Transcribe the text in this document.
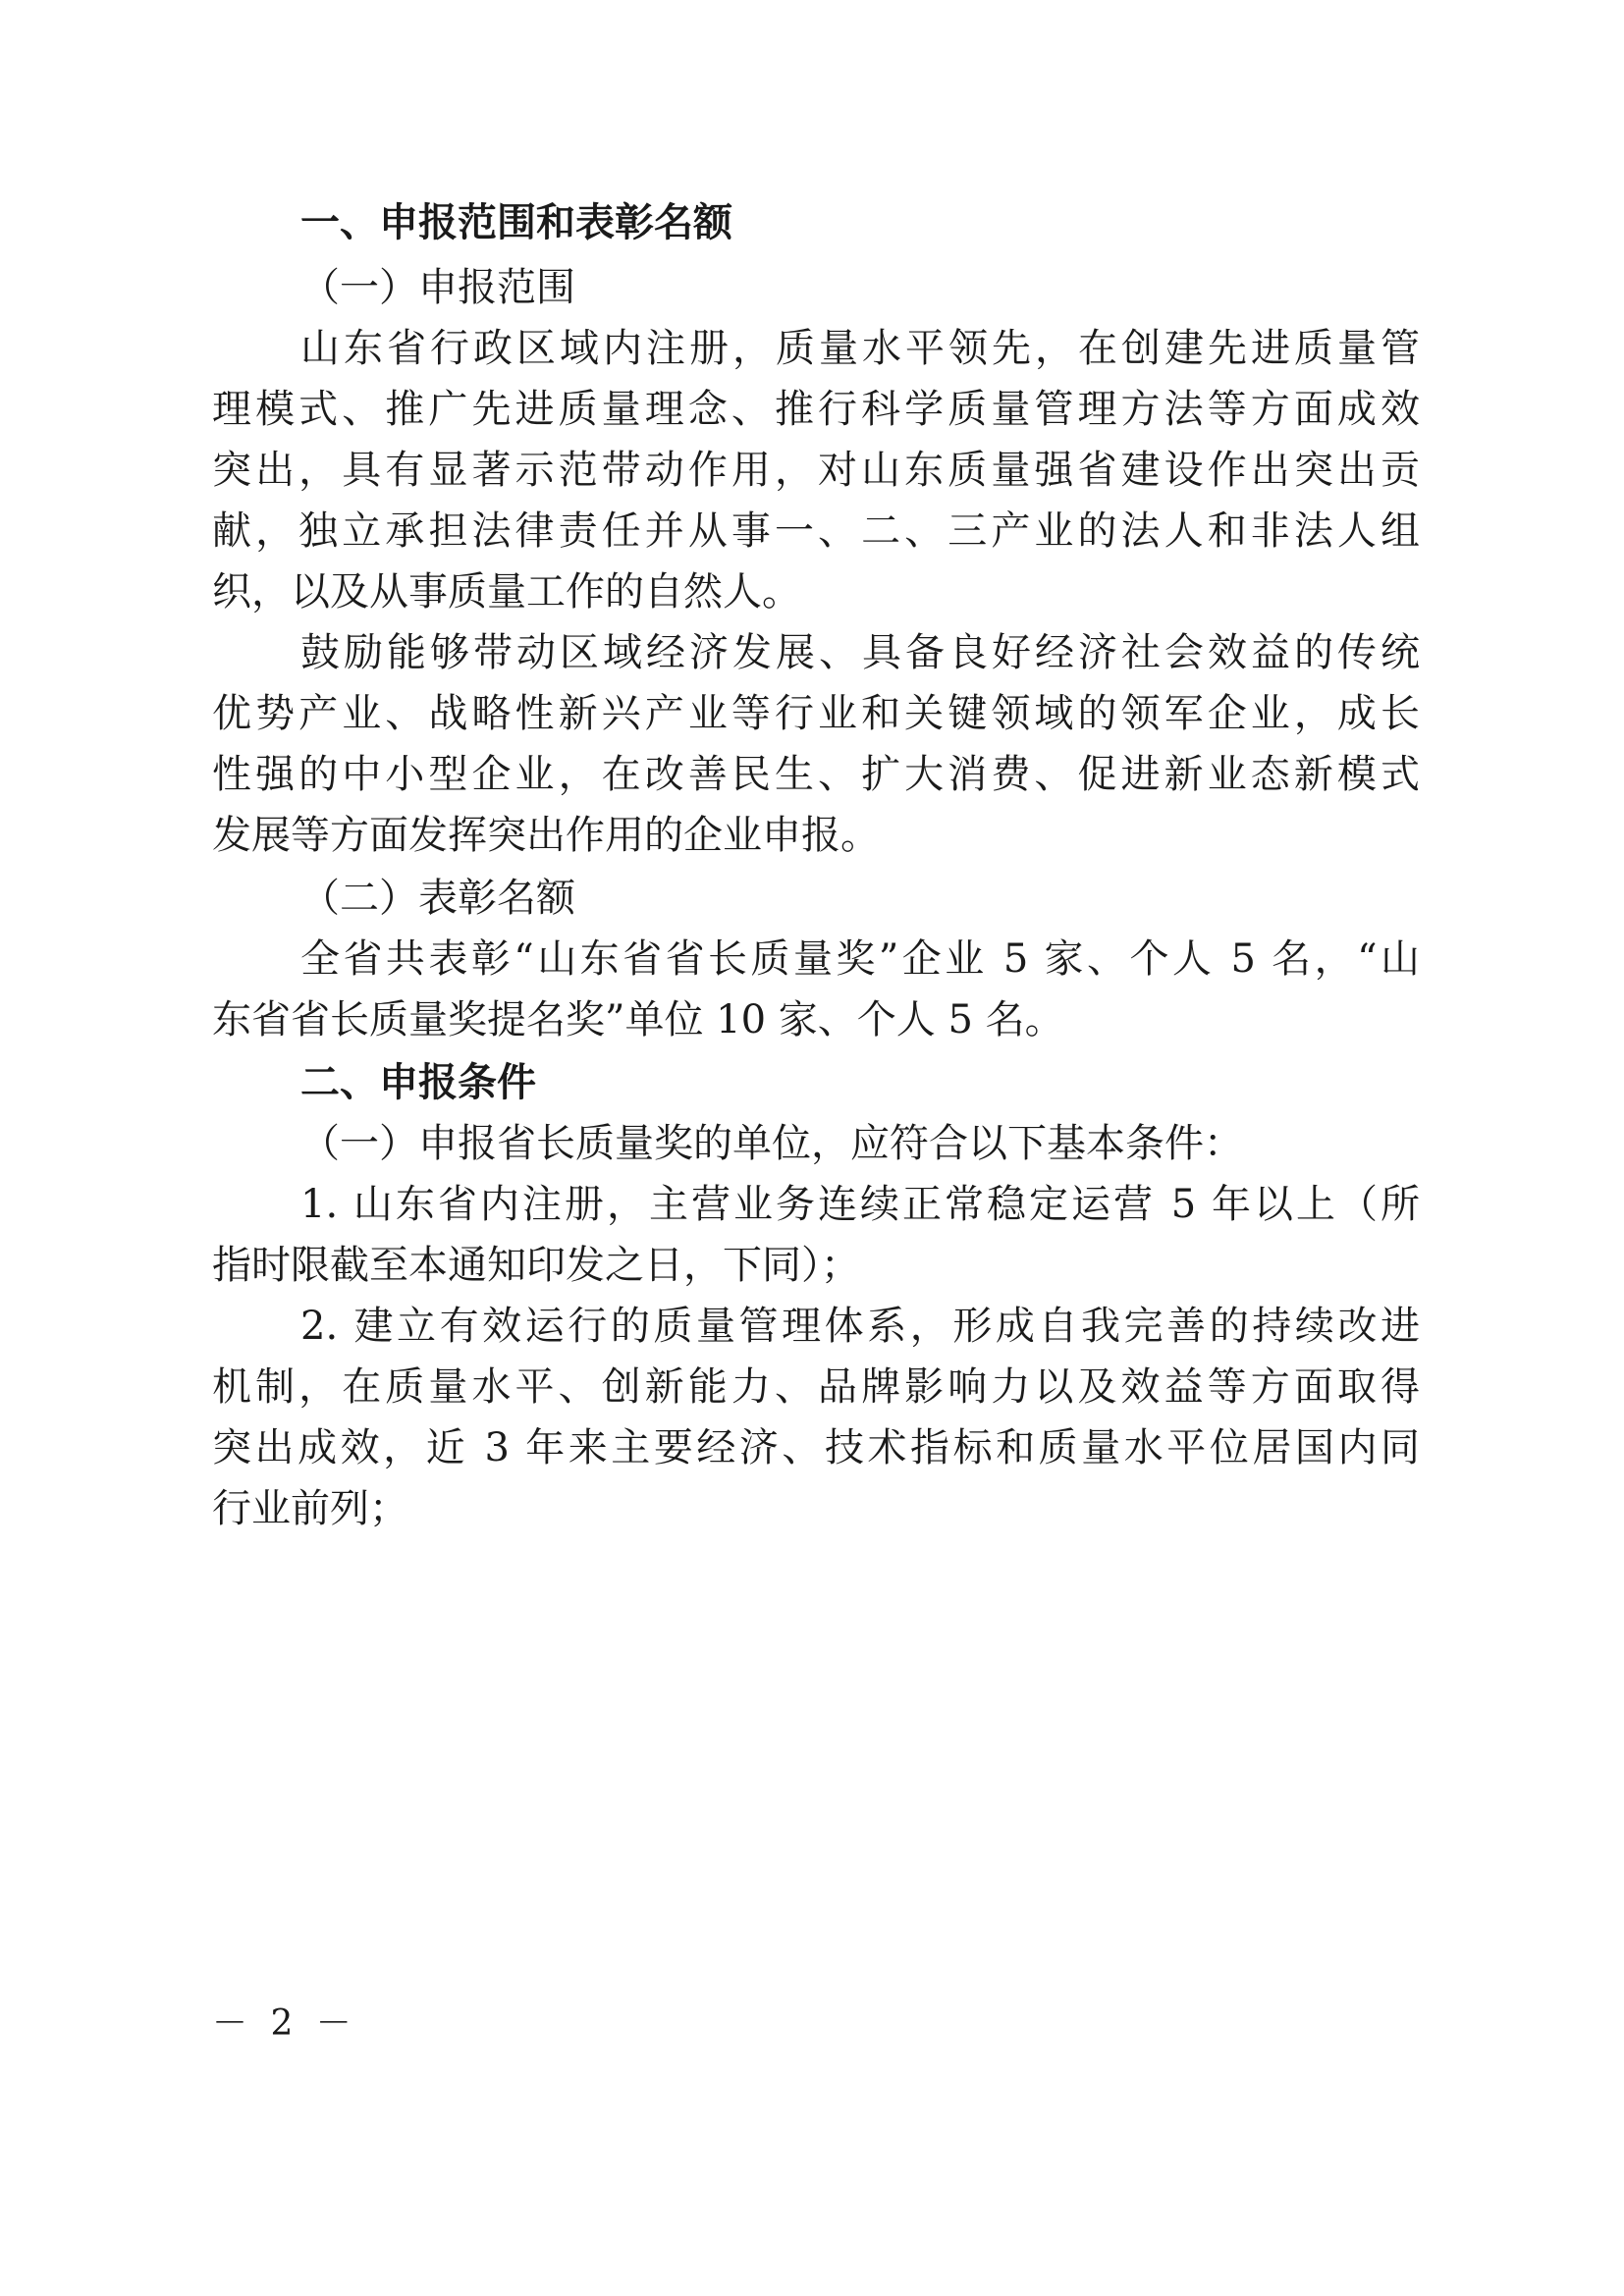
一、申报范围和表彰名额

（一）申报范围

山东省行政区域内注册，质量水平领先，在创建先进质量管

理模式、推广先进质量理念、推行科学质量管理方法等方面成效

突出，具有显著示范带动作用，对山东质量强省建设作出突出贡

献，独立承担法律责任并从事一、二、三产业的法人和非法人组

织，以及从事质量工作的自然人。

鼓励能够带动区域经济发展、具备良好经济社会效益的传统

优势产业、战略性新兴产业等行业和关键领域的领军企业，成长

性强的中小型企业，在改善民生、扩大消费、促进新业态新模式

发展等方面发挥突出作用的企业申报。

（二）表彰名额

全省共表彰“山东省省长质量奖”企业 5 家、个人 5 名，“山

东省省长质量奖提名奖”单位 10 家、个人 5 名。

二、申报条件

（一）申报省长质量奖的单位，应符合以下基本条件：

1. 山东省内注册，主营业务连续正常稳定运营 5 年以上（所

指时限截至本通知印发之日，下同）；

2. 建立有效运行的质量管理体系，形成自我完善的持续改进

机制，在质量水平、创新能力、品牌影响力以及效益等方面取得

突出成效，近 3 年来主要经济、技术指标和质量水平位居国内同

行业前列；

－ 2 －
